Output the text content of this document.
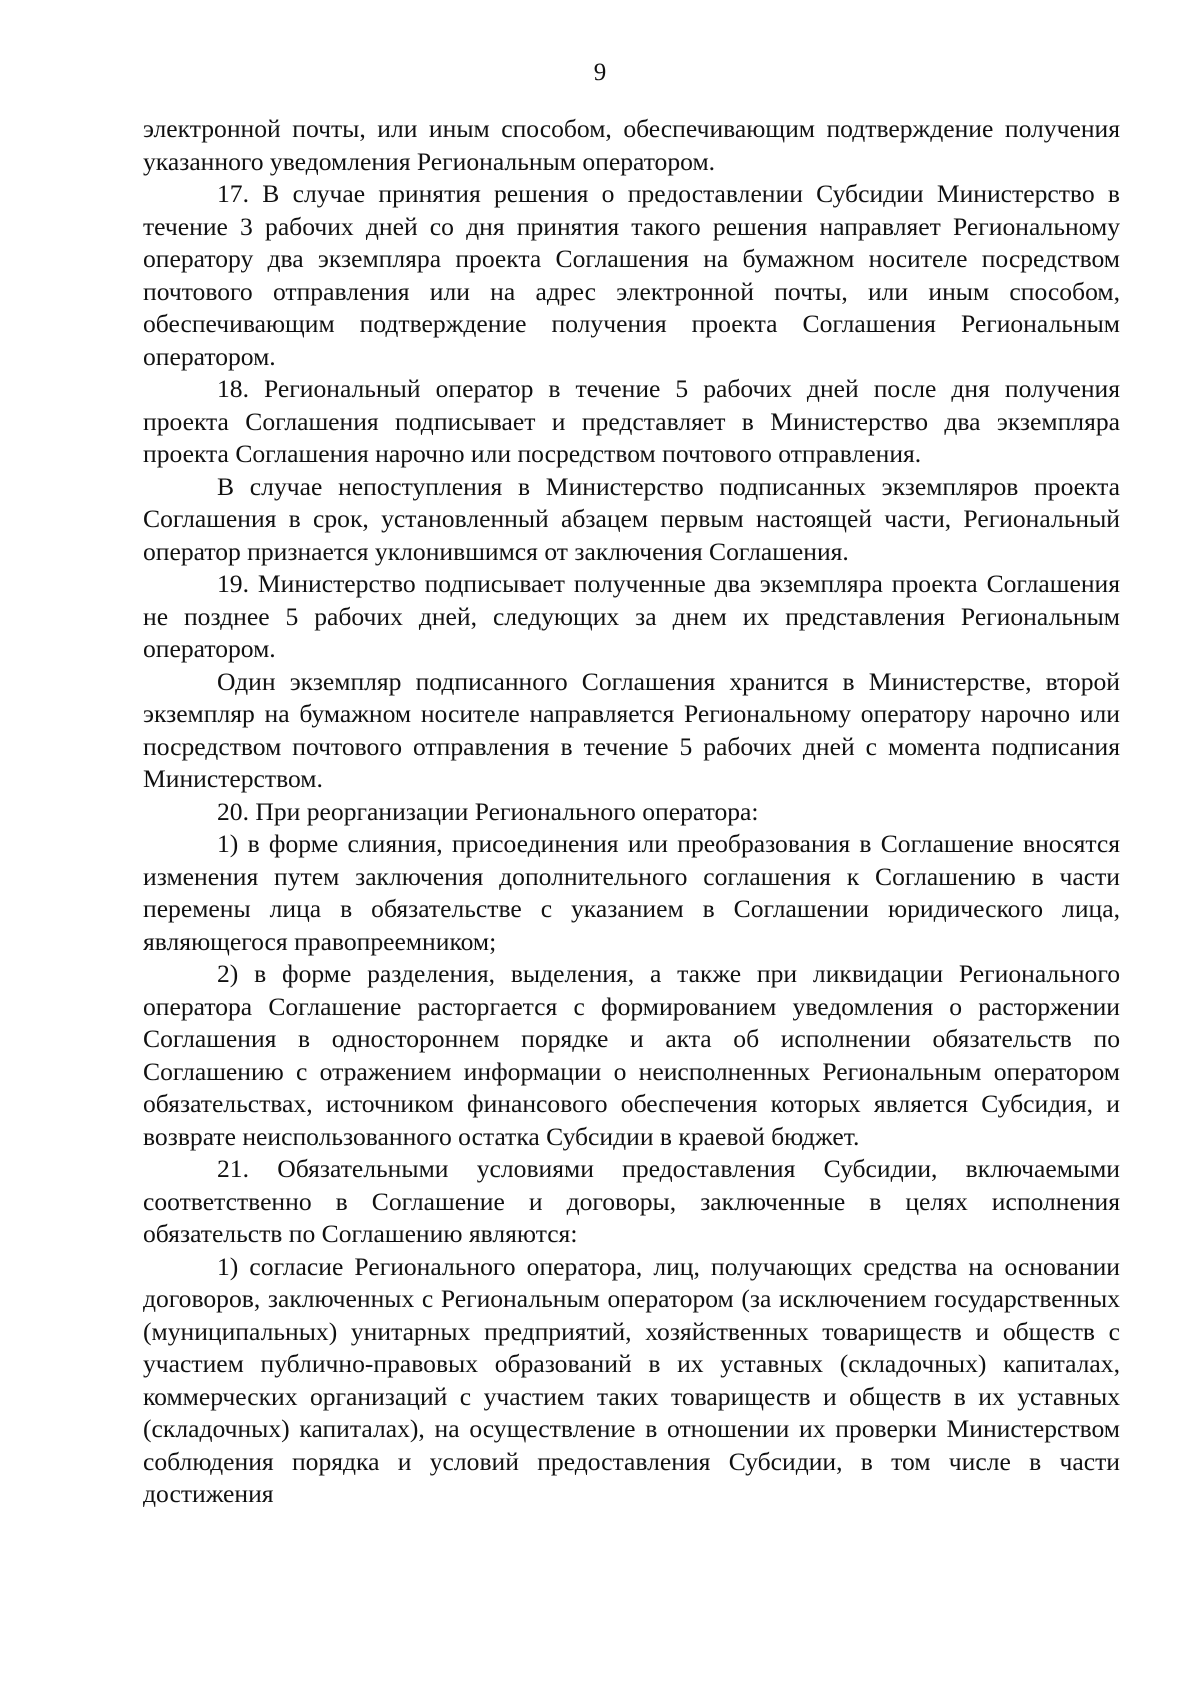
9

электронной почты, или иным способом, обеспечивающим подтверждение получения указанного уведомления Региональным оператором.

17. В случае принятия решения о предоставлении Субсидии Министерство в течение 3 рабочих дней со дня принятия такого решения направляет Региональному оператору два экземпляра проекта Соглашения на бумажном носителе посредством почтового отправления или на адрес электронной почты, или иным способом, обеспечивающим подтверждение получения проекта Соглашения Региональным оператором.

18. Региональный оператор в течение 5 рабочих дней после дня получения проекта Соглашения подписывает и представляет в Министерство два экземпляра проекта Соглашения нарочно или посредством почтового отправления.

В случае непоступления в Министерство подписанных экземпляров проекта Соглашения в срок, установленный абзацем первым настоящей части, Региональный оператор признается уклонившимся от заключения Соглашения.

19. Министерство подписывает полученные два экземпляра проекта Соглашения не позднее 5 рабочих дней, следующих за днем их представления Региональным оператором.

Один экземпляр подписанного Соглашения хранится в Министерстве, второй экземпляр на бумажном носителе направляется Региональному оператору нарочно или посредством почтового отправления в течение 5 рабочих дней с момента подписания Министерством.

20. При реорганизации Регионального оператора:

1) в форме слияния, присоединения или преобразования в Соглашение вносятся изменения путем заключения дополнительного соглашения к Соглашению в части перемены лица в обязательстве с указанием в Соглашении юридического лица, являющегося правопреемником;

2) в форме разделения, выделения, а также при ликвидации Регионального оператора Соглашение расторгается с формированием уведомления о расторжении Соглашения в одностороннем порядке и акта об исполнении обязательств по Соглашению с отражением информации о неисполненных Региональным оператором обязательствах, источником финансового обеспечения которых является Субсидия, и возврате неиспользованного остатка Субсидии в краевой бюджет.

21. Обязательными условиями предоставления Субсидии, включаемыми соответственно в Соглашение и договоры, заключенные в целях исполнения обязательств по Соглашению являются:

1) согласие Регионального оператора, лиц, получающих средства на основании договоров, заключенных с Региональным оператором (за исключением государственных (муниципальных) унитарных предприятий, хозяйственных товариществ и обществ с участием публично-правовых образований в их уставных (складочных) капиталах, коммерческих организаций с участием таких товариществ и обществ в их уставных (складочных) капиталах), на осуществление в отношении их проверки Министерством соблюдения порядка и условий предоставления Субсидии, в том числе в части достижения
